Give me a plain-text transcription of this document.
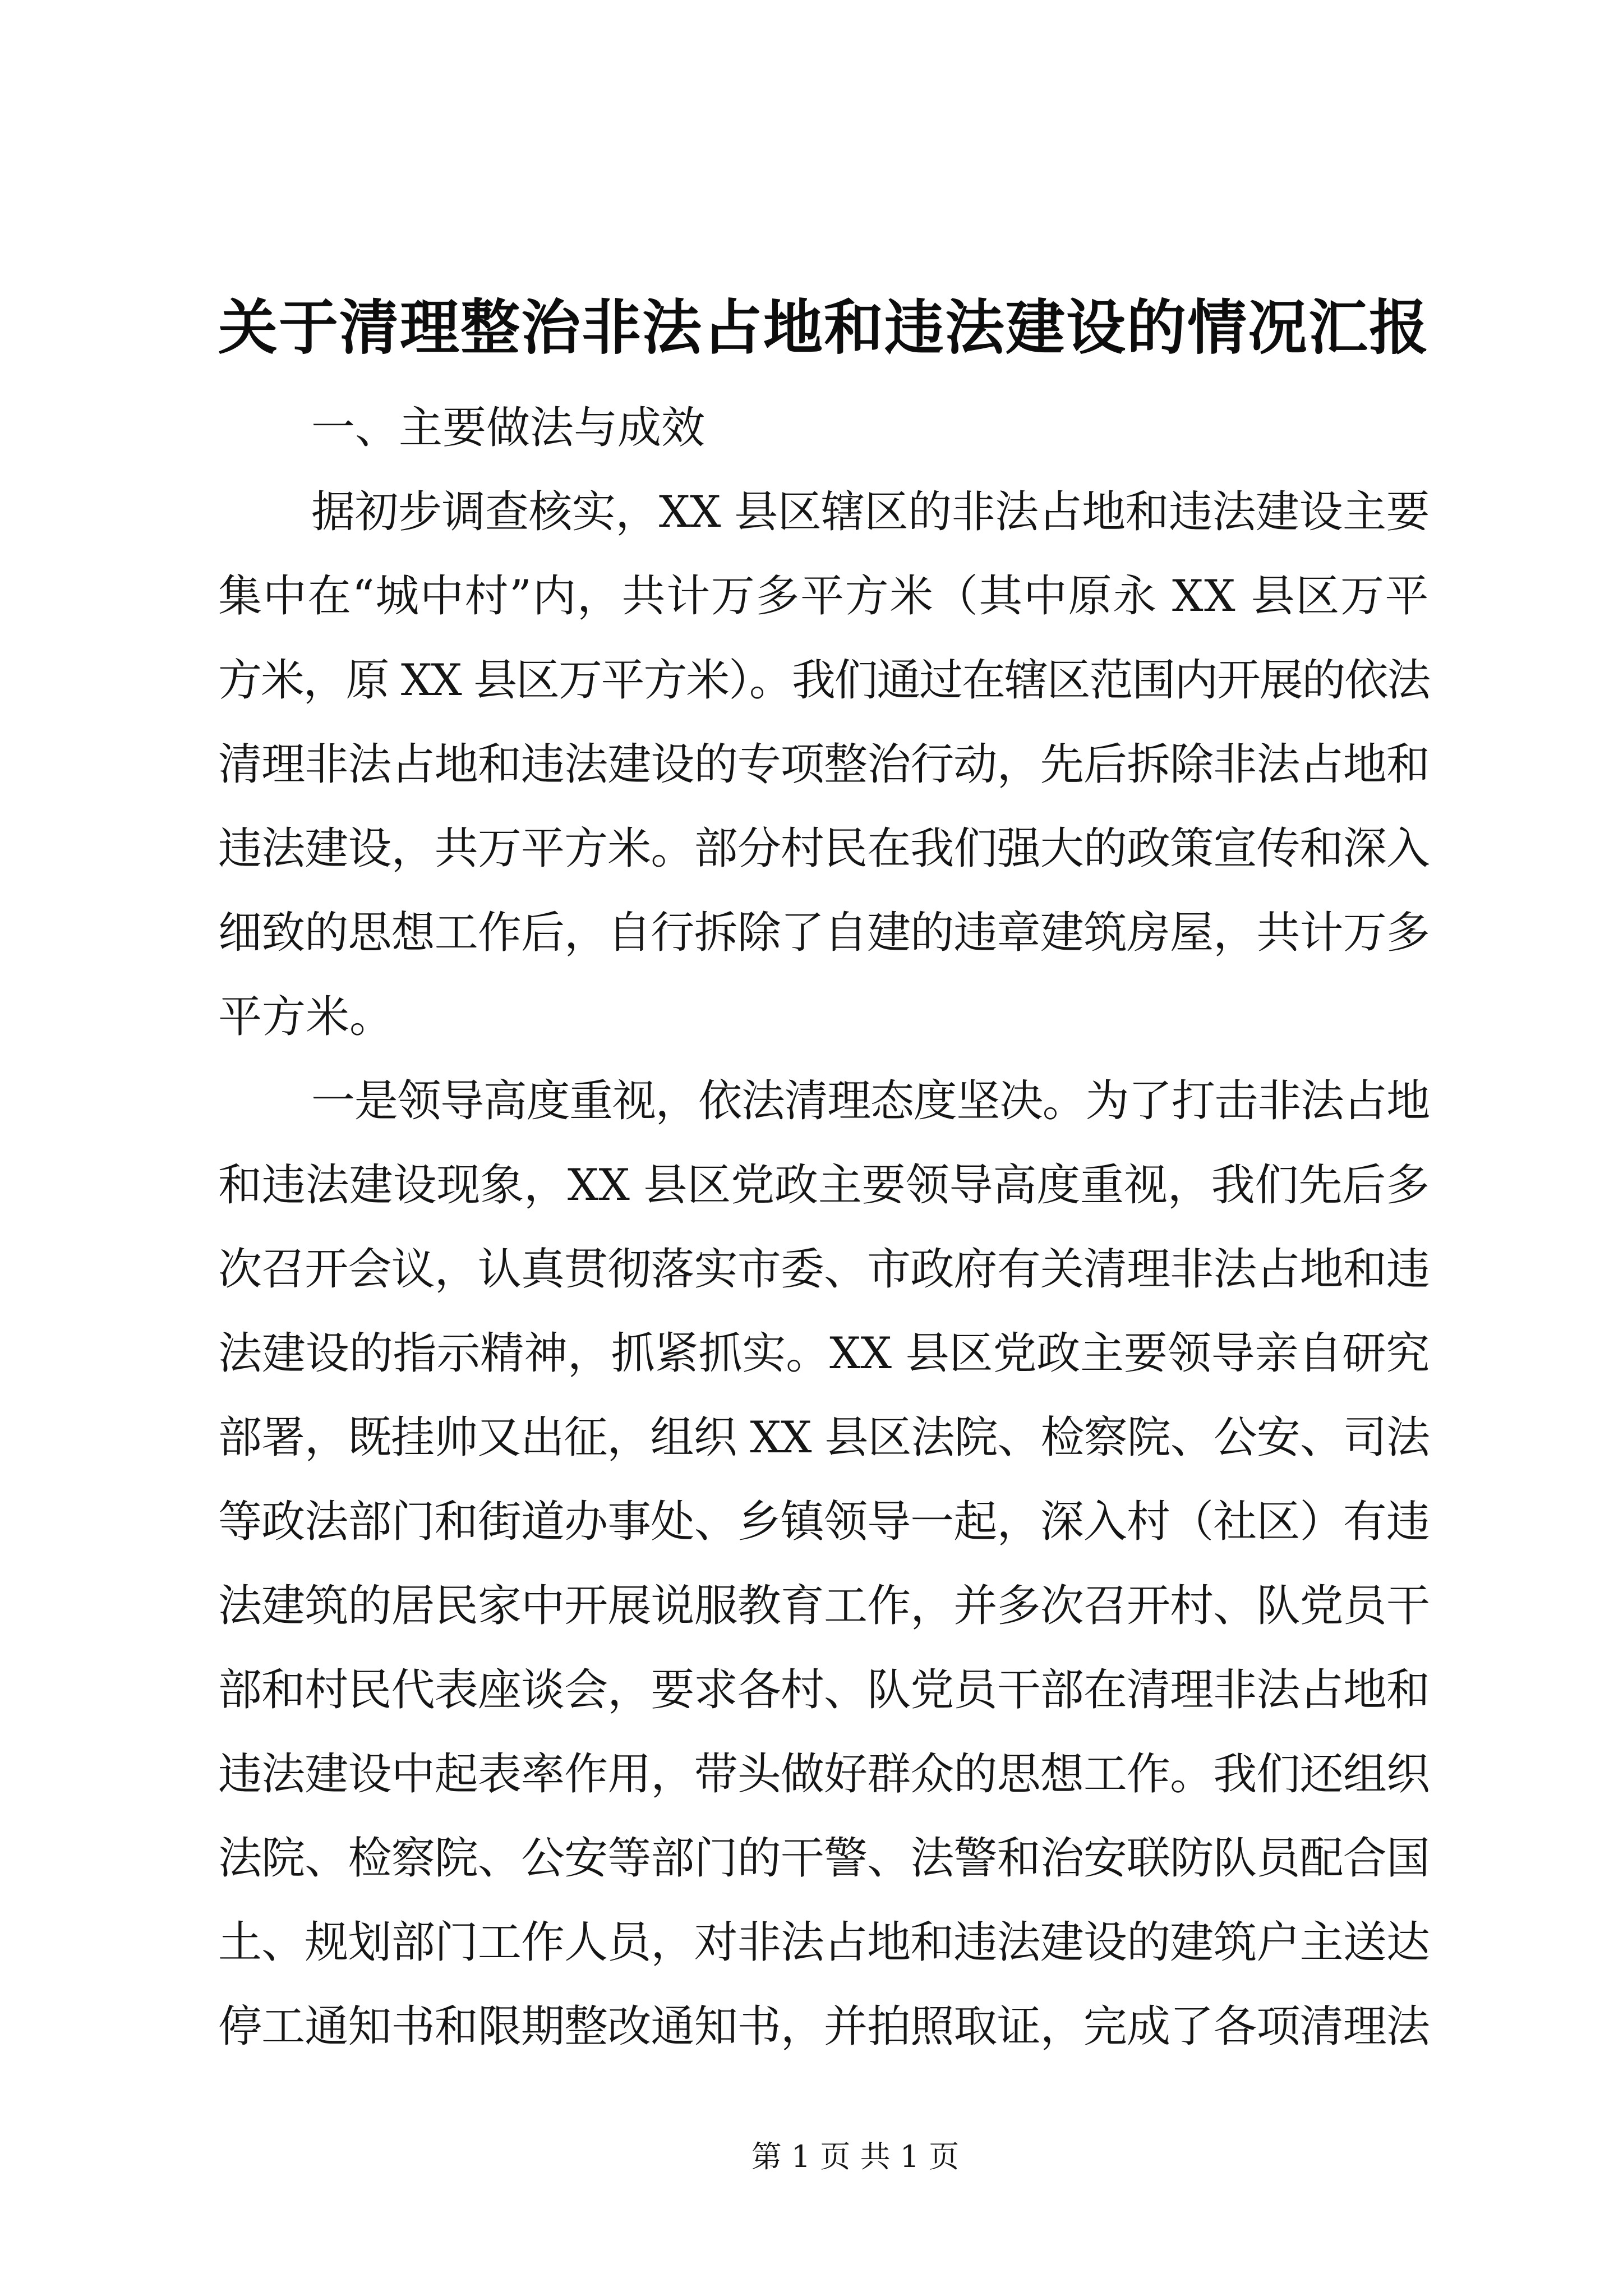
关于清理整治非法占地和违法建设的情况汇报
一、主要做法与成效
据初步调查核实，XX 县区辖区的非法占地和违法建设主要
集中在“城中村”内，共计万多平方米（其中原永 XX 县区万平
方米，原 XX 县区万平方米）。我们通过在辖区范围内开展的依法
清理非法占地和违法建设的专项整治行动，先后拆除非法占地和
违法建设，共万平方米。部分村民在我们强大的政策宣传和深入
细致的思想工作后，自行拆除了自建的违章建筑房屋，共计万多
平方米。
一是领导高度重视，依法清理态度坚决。为了打击非法占地
和违法建设现象，XX 县区党政主要领导高度重视，我们先后多
次召开会议，认真贯彻落实市委、市政府有关清理非法占地和违
法建设的指示精神，抓紧抓实。XX 县区党政主要领导亲自研究
部署，既挂帅又出征，组织 XX 县区法院、检察院、公安、司法
等政法部门和街道办事处、乡镇领导一起，深入村（社区）有违
法建筑的居民家中开展说服教育工作，并多次召开村、队党员干
部和村民代表座谈会，要求各村、队党员干部在清理非法占地和
违法建设中起表率作用，带头做好群众的思想工作。我们还组织
法院、检察院、公安等部门的干警、法警和治安联防队员配合国
土、规划部门工作人员，对非法占地和违法建设的建筑户主送达
停工通知书和限期整改通知书，并拍照取证，完成了各项清理法
第 1 页 共 1 页
